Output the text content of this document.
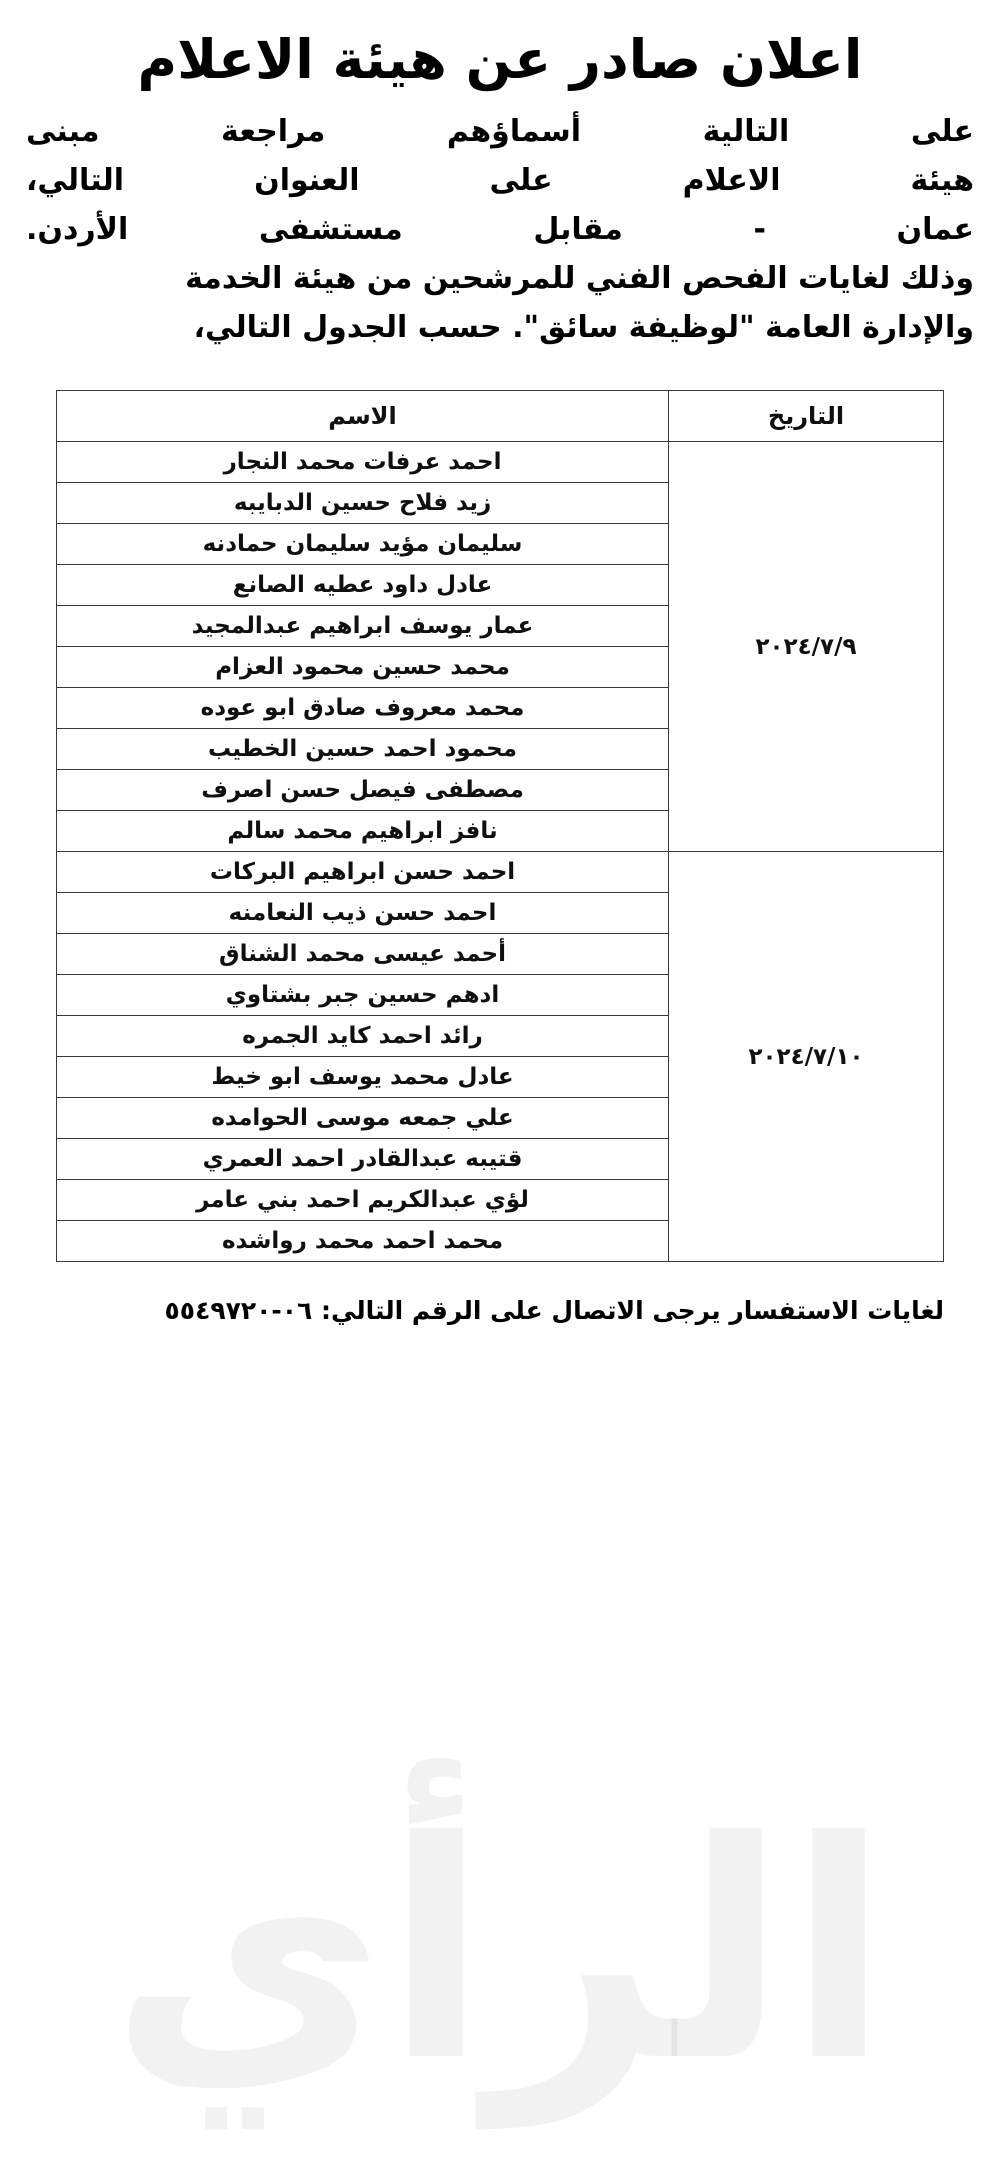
الرأي
اعلان صادر عن هيئة الاعلام

على التالية أسماؤهم مراجعة مبنى

هيئة الاعلام على العنوان التالي،

عمان - مقابل مستشفى الأردن.

وذلك لغايات الفحص الفني للمرشحين من هيئة الخدمة

والإدارة العامة "لوظيفة سائق". حسب الجدول التالي،

التاريخ	الاسم
٢٠٢٤/٧/٩	احمد عرفات محمد النجار
	زيد فلاح حسين الدبايبه
	سليمان مؤيد سليمان حمادنه
	عادل داود عطيه الصانع
	عمار يوسف ابراهيم عبدالمجيد
	محمد حسين محمود العزام
	محمد معروف صادق ابو عوده
	محمود احمد حسين الخطيب
	مصطفى فيصل حسن اصرف
	نافز ابراهيم محمد سالم
٢٠٢٤/٧/١٠	احمد حسن ابراهيم البركات
	احمد حسن ذيب النعامنه
	أحمد عيسى محمد الشناق
	ادهم حسين جبر بشتاوي
	رائد احمد كايد الجمره
	عادل محمد يوسف ابو خيط
	علي جمعه موسى الحوامده
	قتيبه عبدالقادر احمد العمري
	لؤي عبدالكريم احمد بني عامر
	محمد احمد محمد رواشده
لغايات الاستفسار يرجى الاتصال على الرقم التالي: ٠٦-٥٥٤٩٧٢٠
